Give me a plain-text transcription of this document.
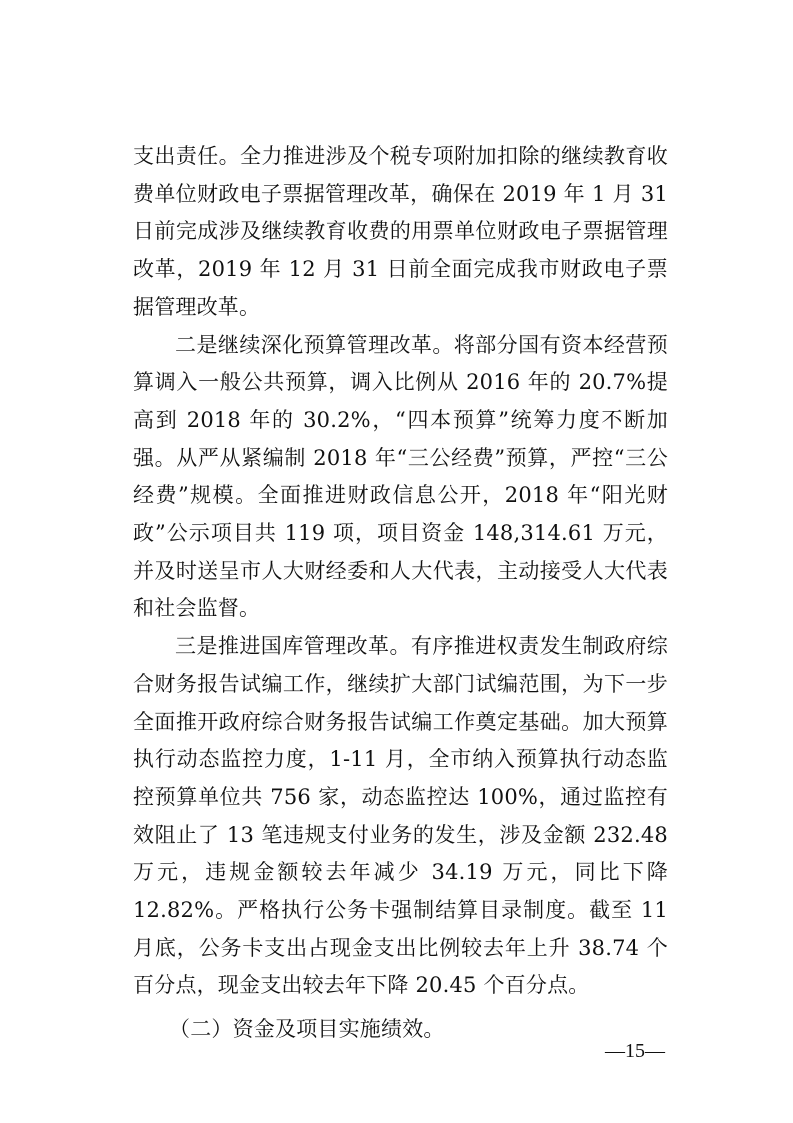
支出责任。全力推进涉及个税专项附加扣除的继续教育收费单位财政电子票据管理改革，确保在 2019 年 1 月 31 日前完成涉及继续教育收费的用票单位财政电子票据管理改革，2019 年 12 月 31 日前全面完成我市财政电子票据管理改革。

二是继续深化预算管理改革。将部分国有资本经营预算调入一般公共预算，调入比例从 2016 年的 20.7%提高到 2018 年的 30.2%，“四本预算”统筹力度不断加强。从严从紧编制 2018 年“三公经费”预算，严控“三公经费”规模。全面推进财政信息公开，2018 年“阳光财政”公示项目共 119 项，项目资金 148,314.61 万元，并及时送呈市人大财经委和人大代表，主动接受人大代表和社会监督。

三是推进国库管理改革。有序推进权责发生制政府综合财务报告试编工作，继续扩大部门试编范围，为下一步全面推开政府综合财务报告试编工作奠定基础。加大预算执行动态监控力度，1-11 月，全市纳入预算执行动态监控预算单位共 756 家，动态监控达 100%，通过监控有效阻止了 13 笔违规支付业务的发生，涉及金额 232.48 万元，违规金额较去年减少 34.19 万元，同比下降 12.82%。严格执行公务卡强制结算目录制度。截至 11 月底，公务卡支出占现金支出比例较去年上升 38.74 个百分点，现金支出较去年下降 20.45 个百分点。

（二）资金及项目实施绩效。

—15—
